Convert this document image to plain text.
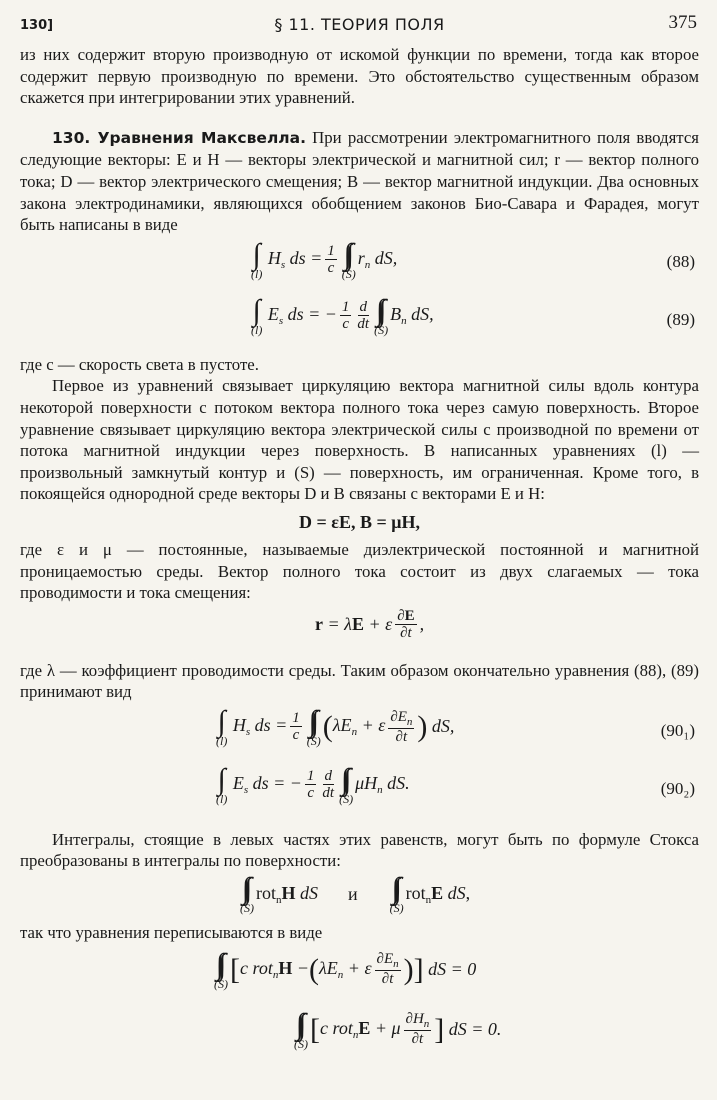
130]	§ 11. ТЕОРИЯ ПОЛЯ	375

из них содержит вторую производную от искомой функции по времени, тогда как второе содержит первую производную по времени. Это обстоятельство существенным образом скажется при интегрировании этих уравнений.

130. Уравнения Максвелла. При рассмотрении электромагнитного поля вводятся следующие векторы: E и H — векторы электрической и магнитной сил; r — вектор полного тока; D — вектор электрического смещения; B — вектор магнитной индукции. Два основных закона электродинамики, являющихся обобщением законов Био-Савара и Фарадея, могут быть написаны в виде

∫
(l)
$H_s$ ds = $\frac{1}{c}$ ∫∫
(S)
$r_n$ dS,	(88)
∫
(l)
$E_s$ ds = − $\frac{1}{c} \frac{d}{dt}$ ∫∫
(S)
$B_n$ dS,	(89)

где c — скорость света в пустоте.

Первое из уравнений связывает циркуляцию вектора магнитной силы вдоль контура некоторой поверхности с потоком вектора полного тока через самую поверхность. Второе уравнение связывает циркуляцию вектора электрической силы с производной по времени от потока магнитной индукции через поверхность. В написанных уравнениях (l) — произвольный замкнутый контур и (S) — поверхность, им ограниченная. Кроме того, в покоящейся однородной среде векторы D и B связаны с векторами E и H:

D = εE, B = μH,

где ε и μ — постоянные, называемые диэлектрической постоянной и магнитной проницаемостью среды. Вектор полного тока состоит из двух слагаемых — тока проводимости и тока смещения:

r = λE + ε $\frac{\partial E}{\partial t}$ ,

где λ — коэффициент проводимости среды. Таким образом окончательно уравнения (88), (89) принимают вид

∫
(l)
$H_s$ ds = $\frac{1}{c}$ ∫∫
(S) ( $\lambda E_n + \varepsilon \frac{\partial E_n}{\partial t}$ ) dS,	(90₁)
∫
(l)
$E_s$ ds = − $\frac{1}{c} \frac{d}{dt}$ ∫∫
(S)
$\mu H_n$ dS.	(90₂)

Интегралы, стоящие в левых частях этих равенств, могут быть по формуле Стокса преобразованы в интегралы по поверхности:

∫∫
(S)
rot$_n$H dS и ∫∫
(S)
rot$_n$E dS,

так что уравнения переписываются в виде

∫∫
(S) [ c rot$_n$H − ( $\lambda E_n + \varepsilon \frac{\partial E_n}{\partial t}$ ) ] dS = 0
∫∫
(S) [ c rot$_n$E + μ $\frac{\partial H_n}{\partial t}$ ] dS = 0.
